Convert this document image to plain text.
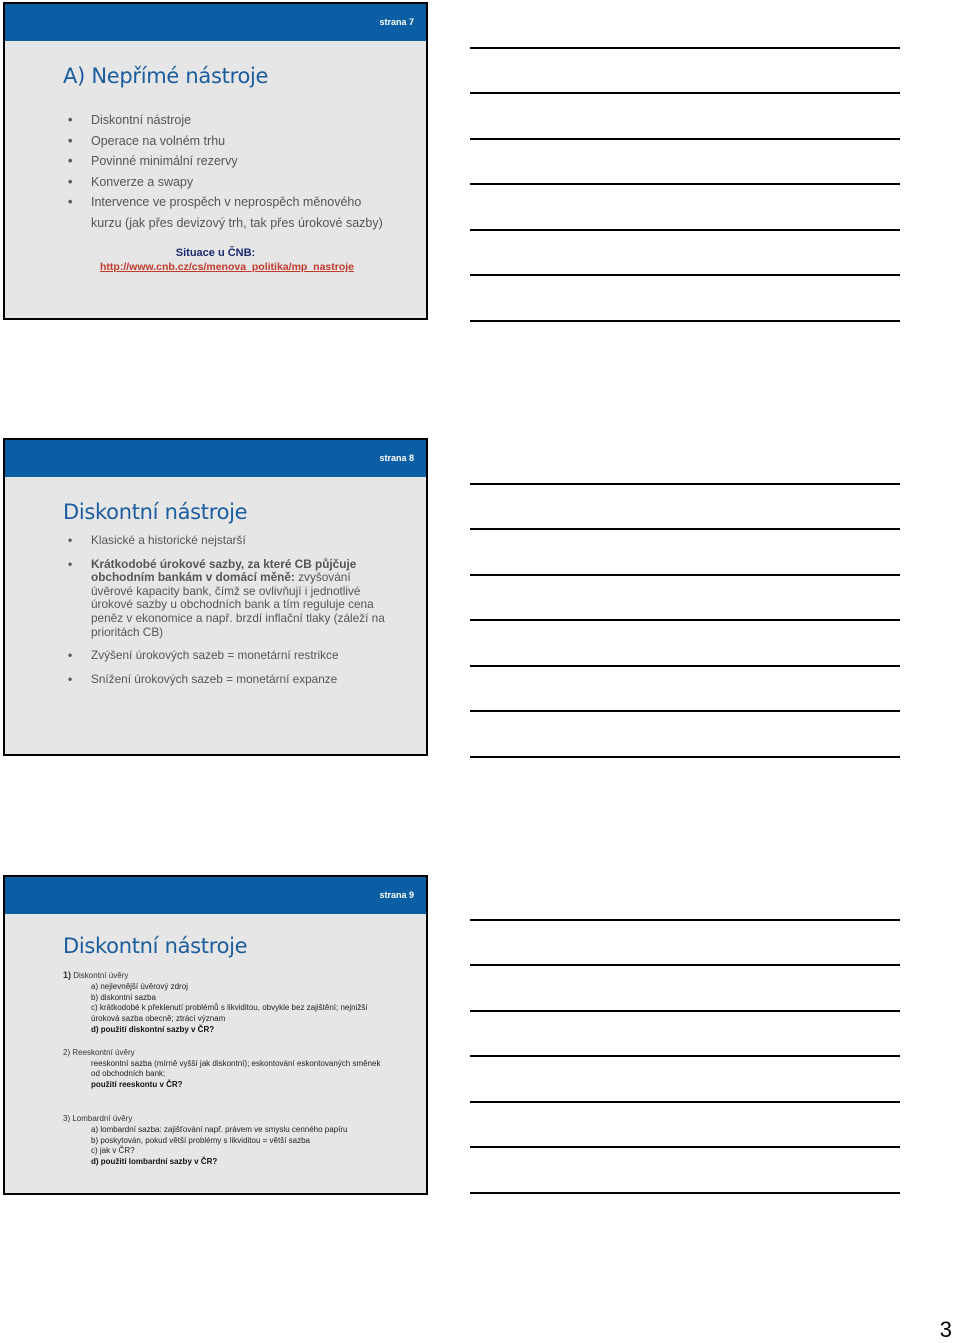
strana 7
A) Nepřímé nástroje
• Diskontní nástroje
• Operace na volném trhu
• Povinné minimální rezervy
• Konverze a swapy
• Intervence ve prospěch v neprospěch měnového
kurzu (jak přes devizový trh, tak přes úrokové sazby)
Situace u ČNB:
http://www.cnb.cz/cs/menova_politika/mp_nastroje
strana 8
Diskontní nástroje
• Klasické a historické nejstarší
• Krátkodobé úrokové sazby, za které CB půjčuje
obchodním bankám v domácí měně: zvyšování
úvěrové kapacity bank, čímž se ovlivňují i jednotlivé
úrokové sazby u obchodních bank a tím reguluje cena
peněz v ekonomice a např. brzdí inflační tlaky (záleží na
prioritách CB)
• Zvýšení úrokových sazeb = monetární restrikce
• Snížení úrokových sazeb = monetární expanze
strana 9
Diskontní nástroje
1) Diskontní úvěry
a) nejlevnější úvěrový zdroj
b) diskontní sazba
c) krátkodobé k překlenutí problémů s likviditou, obvykle bez zajištění; nejnižší
úroková sazba obecně; ztrácí význam
d) použití diskontní sazby v ČR?
2) Reeskontní úvěry
reeskontní sazba (mírně vyšší jak diskontní); eskontování eskontovaných směnek
od obchodních bank;
použití reeskontu v ČR?
3) Lombardní úvěry
a) lombardní sazba: zajišťování např. právem ve smyslu cenného papíru
b) poskytován, pokud větší problémy s likviditou = větší sazba
c) jak v ČR?
d) použití lombardní sazby v ČR?
3
